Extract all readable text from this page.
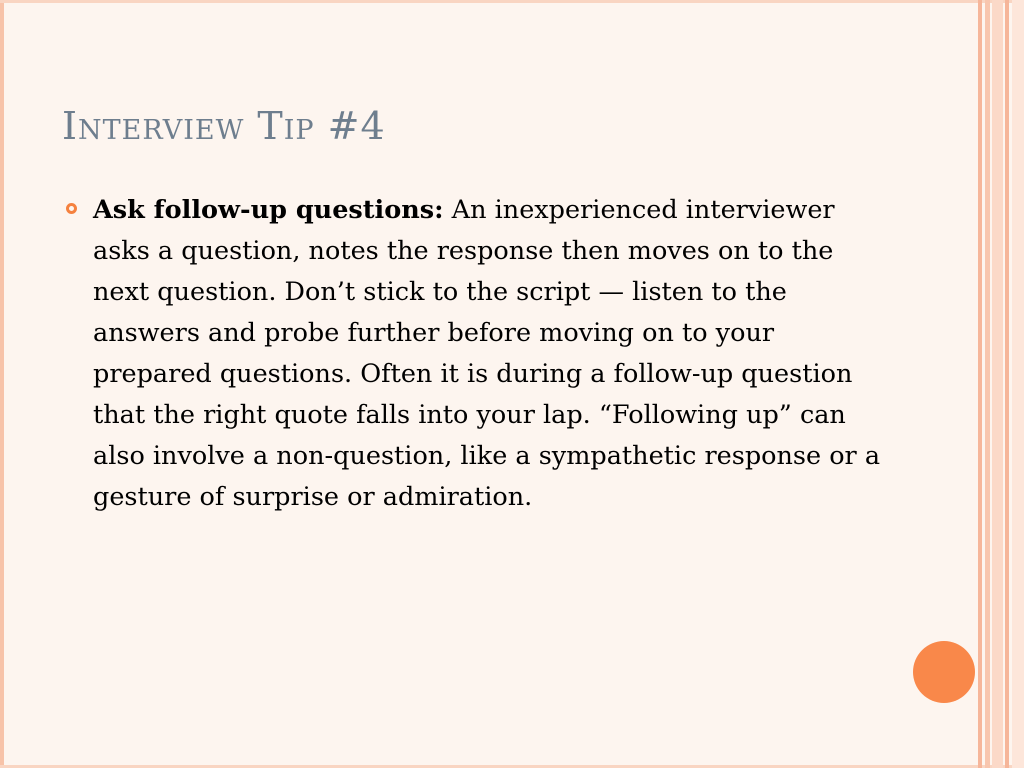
Interview Tip #4
Ask follow-up questions: An inexperienced interviewer asks a question, notes the response then moves on to the next question. Don’t stick to the script — listen to the answers and probe further before moving on to your prepared questions. Often it is during a follow-up question that the right quote falls into your lap. “Following up” can also involve a non-question, like a sympathetic response or a gesture of surprise or admiration.
